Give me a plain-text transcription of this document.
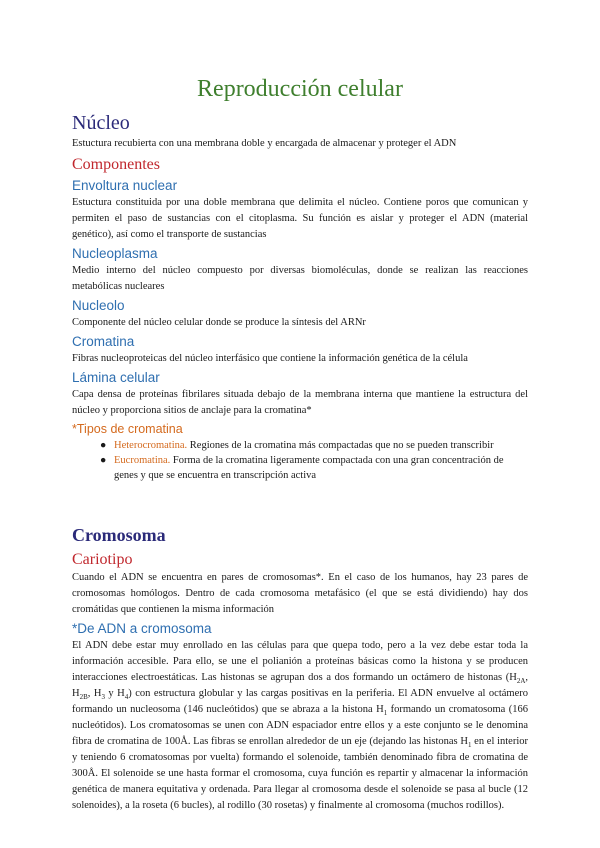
Reproducción celular
Núcleo

Estuctura recubierta con una membrana doble y encargada de almacenar y proteger el ADN

Componentes
Envoltura nuclear

Estuctura constituida por una doble membrana que delimita el núcleo. Contiene poros que comunican y permiten el paso de sustancias con el citoplasma. Su función es aislar y proteger el ADN (material genético), así como el transporte de sustancias

Nucleoplasma

Medio interno del núcleo compuesto por diversas biomoléculas, donde se realizan las reacciones metabólicas nucleares

Nucleolo

Componente del núcleo celular donde se produce la síntesis del ARNr

Cromatina

Fibras nucleoproteicas del núcleo interfásico que contiene la información genética de la célula

Lámina celular

Capa densa de proteínas fibrilares situada debajo de la membrana interna que mantiene la estructura del núcleo y proporciona sitios de anclaje para la cromatina*

*Tipos de cromatina
● Heterocromatina. Regiones de la cromatina más compactadas que no se pueden transcribir
● Eucromatina. Forma de la cromatina ligeramente compactada con una gran concentración de genes y que se encuentra en transcripción activa
Cromosoma
Cariotipo

Cuando el ADN se encuentra en pares de cromosomas*. En el caso de los humanos, hay 23 pares de cromosomas homólogos. Dentro de cada cromosoma metafásico (el que se está dividiendo) hay dos cromátidas que contienen la misma información

*De ADN a cromosoma

El ADN debe estar muy enrollado en las células para que quepa todo, pero a la vez debe estar toda la información accesible. Para ello, se une el polianión a proteínas básicas como la histona y se producen interacciones electroestáticas. Las histonas se agrupan dos a dos formando un octámero de histonas ($H_{2A}$, $H_{2B}$, $H_3$ y $H_4$) con estructura globular y las cargas positivas en la periferia. El ADN envuelve al octámero formando un nucleosoma (146 nucleótidos) que se abraza a la histona $H_1$ formando un cromatosoma (166 nucleótidos). Los cromatosomas se unen con ADN espaciador entre ellos y a este conjunto se le denomina fibra de cromatina de 100Å. Las fibras se enrollan alrededor de un eje (dejando las histonas $H_1$ en el interior y teniendo 6 cromatosomas por vuelta) formando el solenoide, también denominado fibra de cromatina de 300Å. El solenoide se une hasta formar el cromosoma, cuya función es repartir y almacenar la información genética de manera equitativa y ordenada. Para llegar al cromosoma desde el solenoide se pasa al bucle (12 solenoides), a la roseta (6 bucles), al rodillo (30 rosetas) y finalmente al cromosoma (muchos rodillos).
